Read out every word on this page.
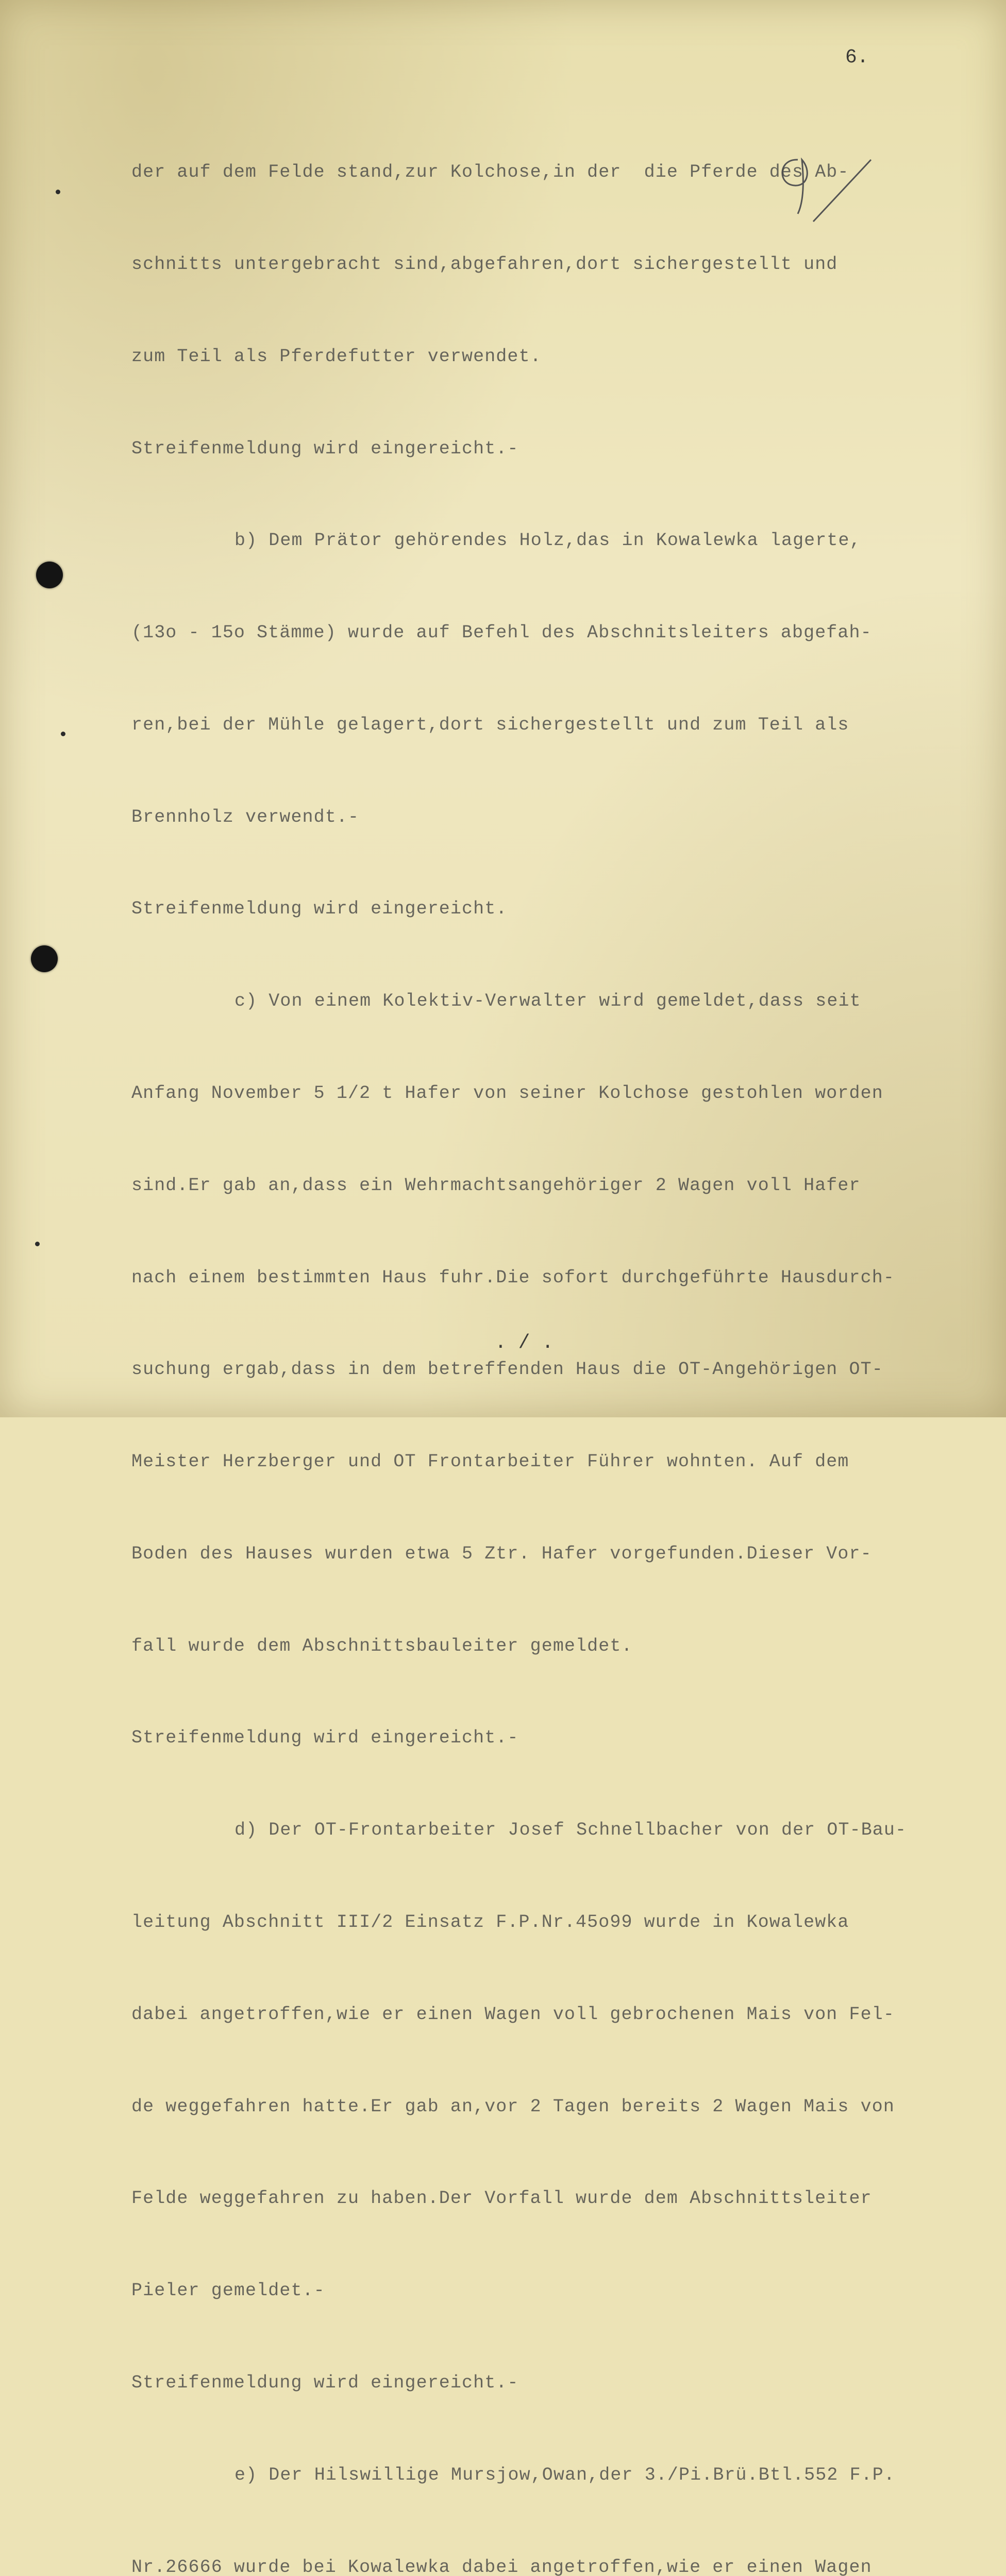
6.

der auf dem Felde stand,zur Kolchose,in der  die Pferde des Ab-

schnitts untergebracht sind,abgefahren,dort sichergestellt und

zum Teil als Pferdefutter verwendet.

Streifenmeldung wird eingereicht.-

b) Dem Prätor gehörendes Holz,das in Kowalewka lagerte,

(13o - 15o Stämme) wurde auf Befehl des Abschnitsleiters abgefah-

ren,bei der Mühle gelagert,dort sichergestellt und zum Teil als

Brennholz verwendt.-

Streifenmeldung wird eingereicht.

c) Von einem Kolektiv-Verwalter wird gemeldet,dass seit

Anfang November 5 1/2 t Hafer von seiner Kolchose gestohlen worden

sind.Er gab an,dass ein Wehrmachtsangehöriger 2 Wagen voll Hafer

nach einem bestimmten Haus fuhr.Die sofort durchgeführte Hausdurch-

suchung ergab,dass in dem betreffenden Haus die OT-Angehörigen OT-

Meister Herzberger und OT Frontarbeiter Führer wohnten. Auf dem

Boden des Hauses wurden etwa 5 Ztr. Hafer vorgefunden.Dieser Vor-

fall wurde dem Abschnittsbauleiter gemeldet.

Streifenmeldung wird eingereicht.-

d) Der OT-Frontarbeiter Josef Schnellbacher von der OT-Bau-

leitung Abschnitt III/2 Einsatz F.P.Nr.45o99 wurde in Kowalewka

dabei angetroffen,wie er einen Wagen voll gebrochenen Mais von Fel-

de weggefahren hatte.Er gab an,vor 2 Tagen bereits 2 Wagen Mais von

Felde weggefahren zu haben.Der Vorfall wurde dem Abschnittsleiter

Pieler gemeldet.-

Streifenmeldung wird eingereicht.-

e) Der Hilswillige Mursjow,Owan,der 3./Pi.Brü.Btl.552 F.P.

Nr.26666 wurde bei Kowalewka dabei angetroffen,wie er einen Wagen

. / .
